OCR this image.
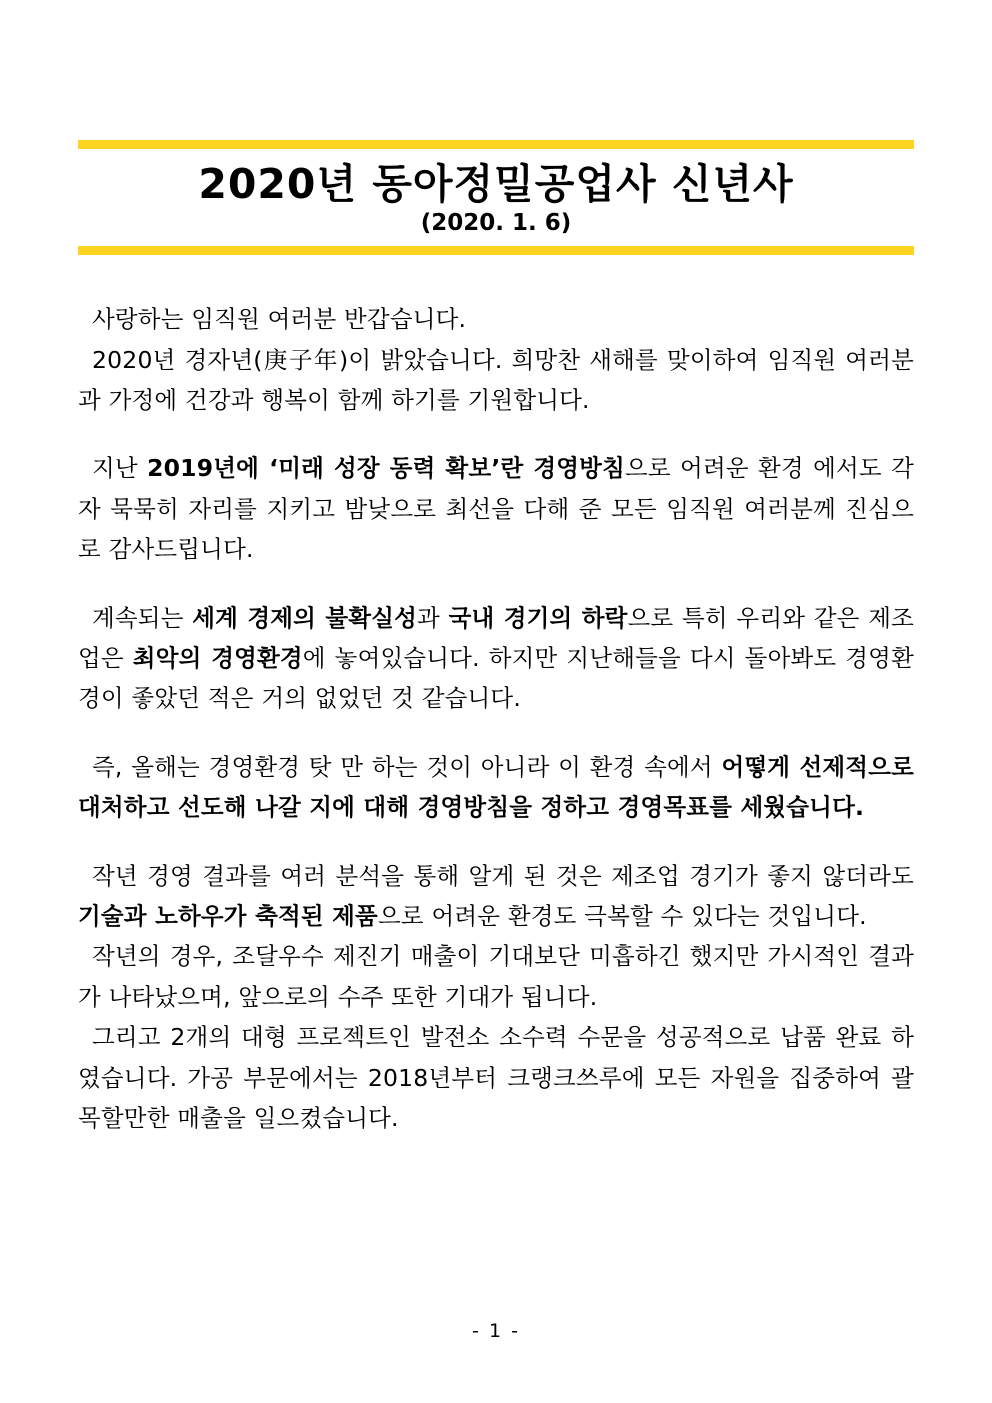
2020년 동아정밀공업사 신년사
(2020. 1. 6)

사랑하는 임직원 여러분 반갑습니다.

2020년 경자년(庚子年)이 밝았습니다. 희망찬 새해를 맞이하여 임직원 여러분과 가정에 건강과 행복이 함께 하기를 기원합니다.

지난 2019년에 ‘미래 성장 동력 확보’란 경영방침으로 어려운 환경 에서도 각자 묵묵히 자리를 지키고 밤낮으로 최선을 다해 준 모든 임직원 여러분께 진심으로 감사드립니다.

계속되는 세계 경제의 불확실성과 국내 경기의 하락으로 특히 우리와 같은 제조업은 최악의 경영환경에 놓여있습니다. 하지만 지난해들을 다시 돌아봐도 경영환경이 좋았던 적은 거의 없었던 것 같습니다.

즉, 올해는 경영환경 탓 만 하는 것이 아니라 이 환경 속에서 어떻게 선제적으로 대처하고 선도해 나갈 지에 대해 경영방침을 정하고 경영목표를 세웠습니다.

작년 경영 결과를 여러 분석을 통해 알게 된 것은 제조업 경기가 좋지 않더라도 기술과 노하우가 축적된 제품으로 어려운 환경도 극복할 수 있다는 것입니다.

작년의 경우, 조달우수 제진기 매출이 기대보단 미흡하긴 했지만 가시적인 결과가 나타났으며, 앞으로의 수주 또한 기대가 됩니다.

그리고 2개의 대형 프로젝트인 발전소 소수력 수문을 성공적으로 납품 완료 하였습니다. 가공 부문에서는 2018년부터 크랭크쓰루에 모든 자원을 집중하여 괄목할만한 매출을 일으켰습니다.

- 1 -
